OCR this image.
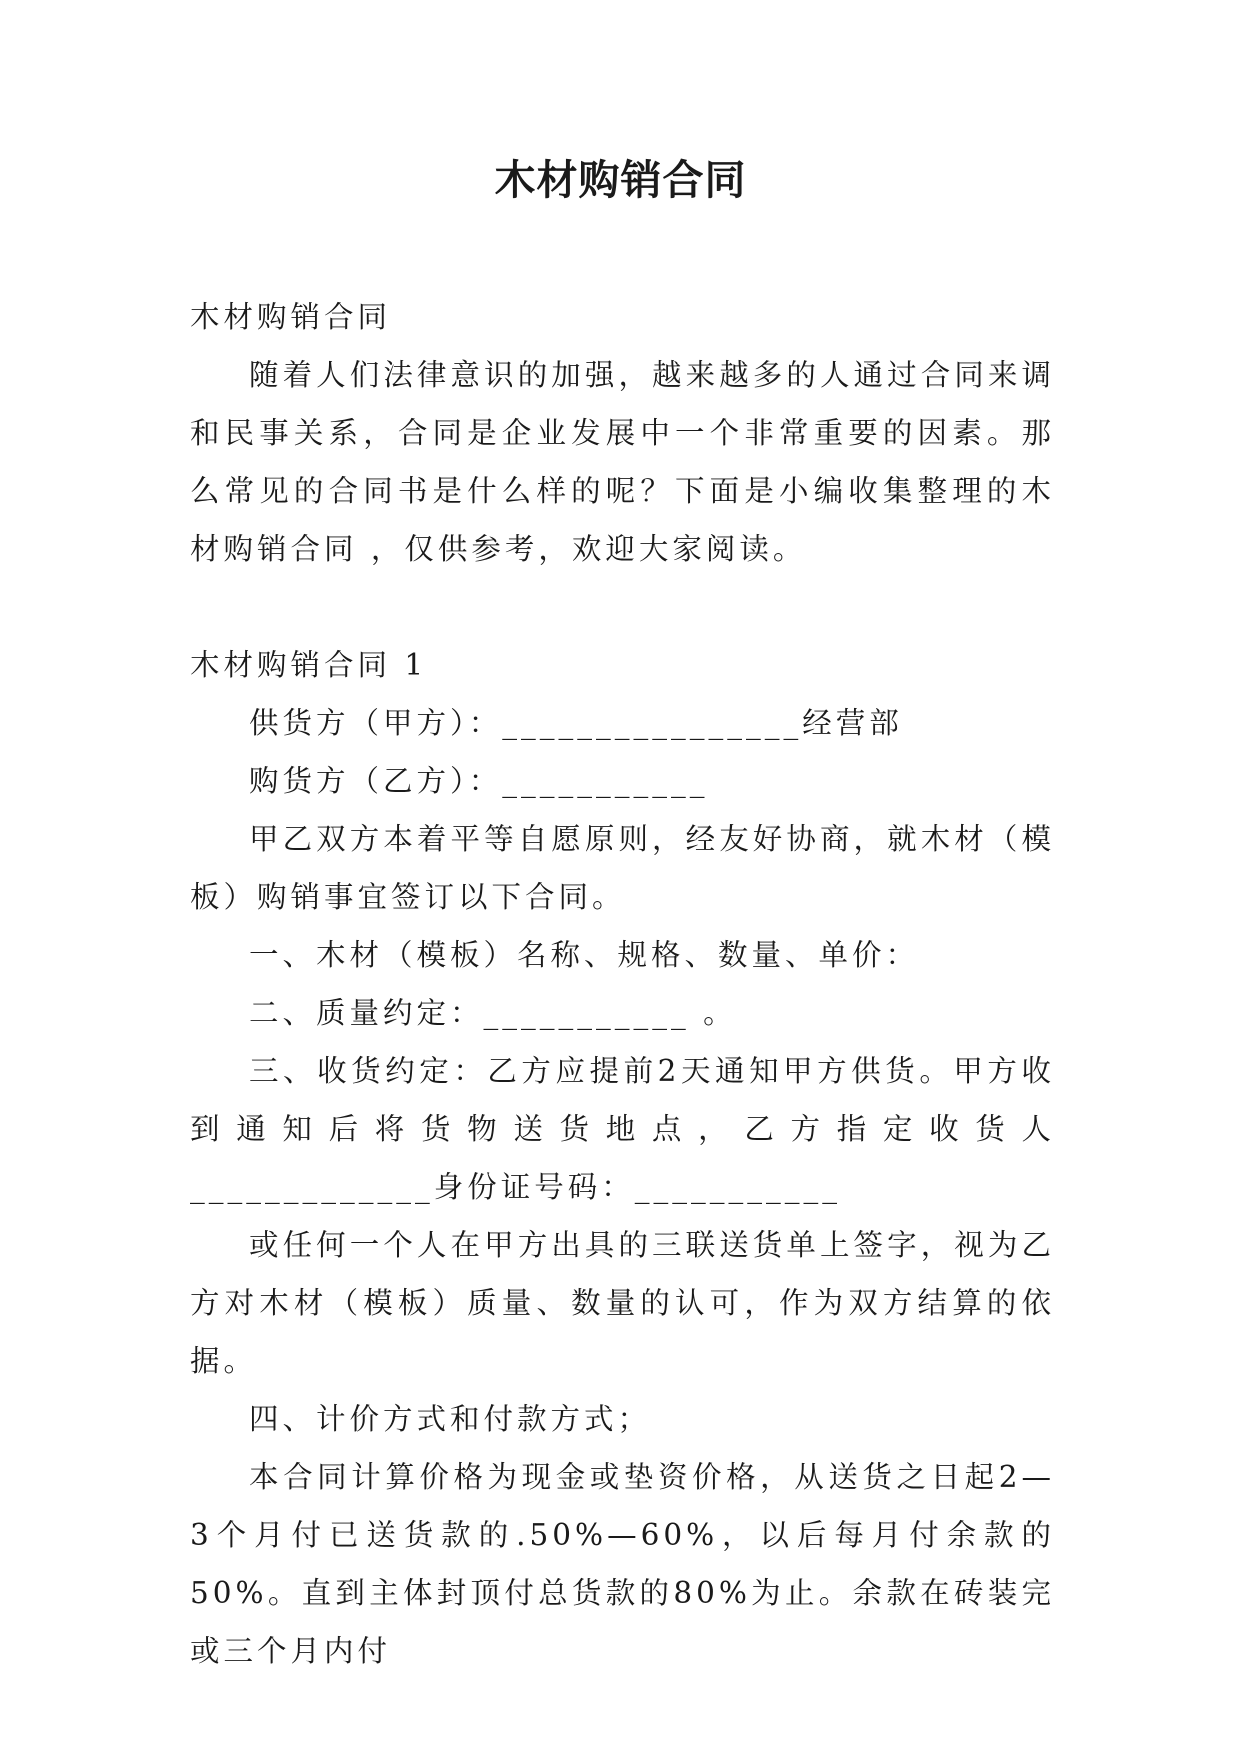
木材购销合同

木材购销合同

随着人们法律意识的加强，越来越多的人通过合同来调和民事关系，合同是企业发展中一个非常重要的因素。那么常见的合同书是什么样的呢？下面是小编收集整理的木材购销合同 ，仅供参考，欢迎大家阅读。

木材购销合同 1

供货方（甲方）：________________经营部

购货方（乙方）：___________

甲乙双方本着平等自愿原则，经友好协商，就木材（模板）购销事宜签订以下合同。

一、木材（模板）名称、规格、数量、单价：

二、质量约定：___________ 。

三、收货约定：乙方应提前2天通知甲方供货。甲方收到通知后将货物送货地点，乙方指定收货人_____________身份证号码：___________

或任何一个人在甲方出具的三联送货单上签字，视为乙方对木材（模板）质量、数量的认可，作为双方结算的依据。

四、计价方式和付款方式；

本合同计算价格为现金或垫资价格，从送货之日起2—3个月付已送货款的.50%—60%，以后每月付余款的50%。直到主体封顶付总货款的80%为止。余款在砖装完或三个月内付
